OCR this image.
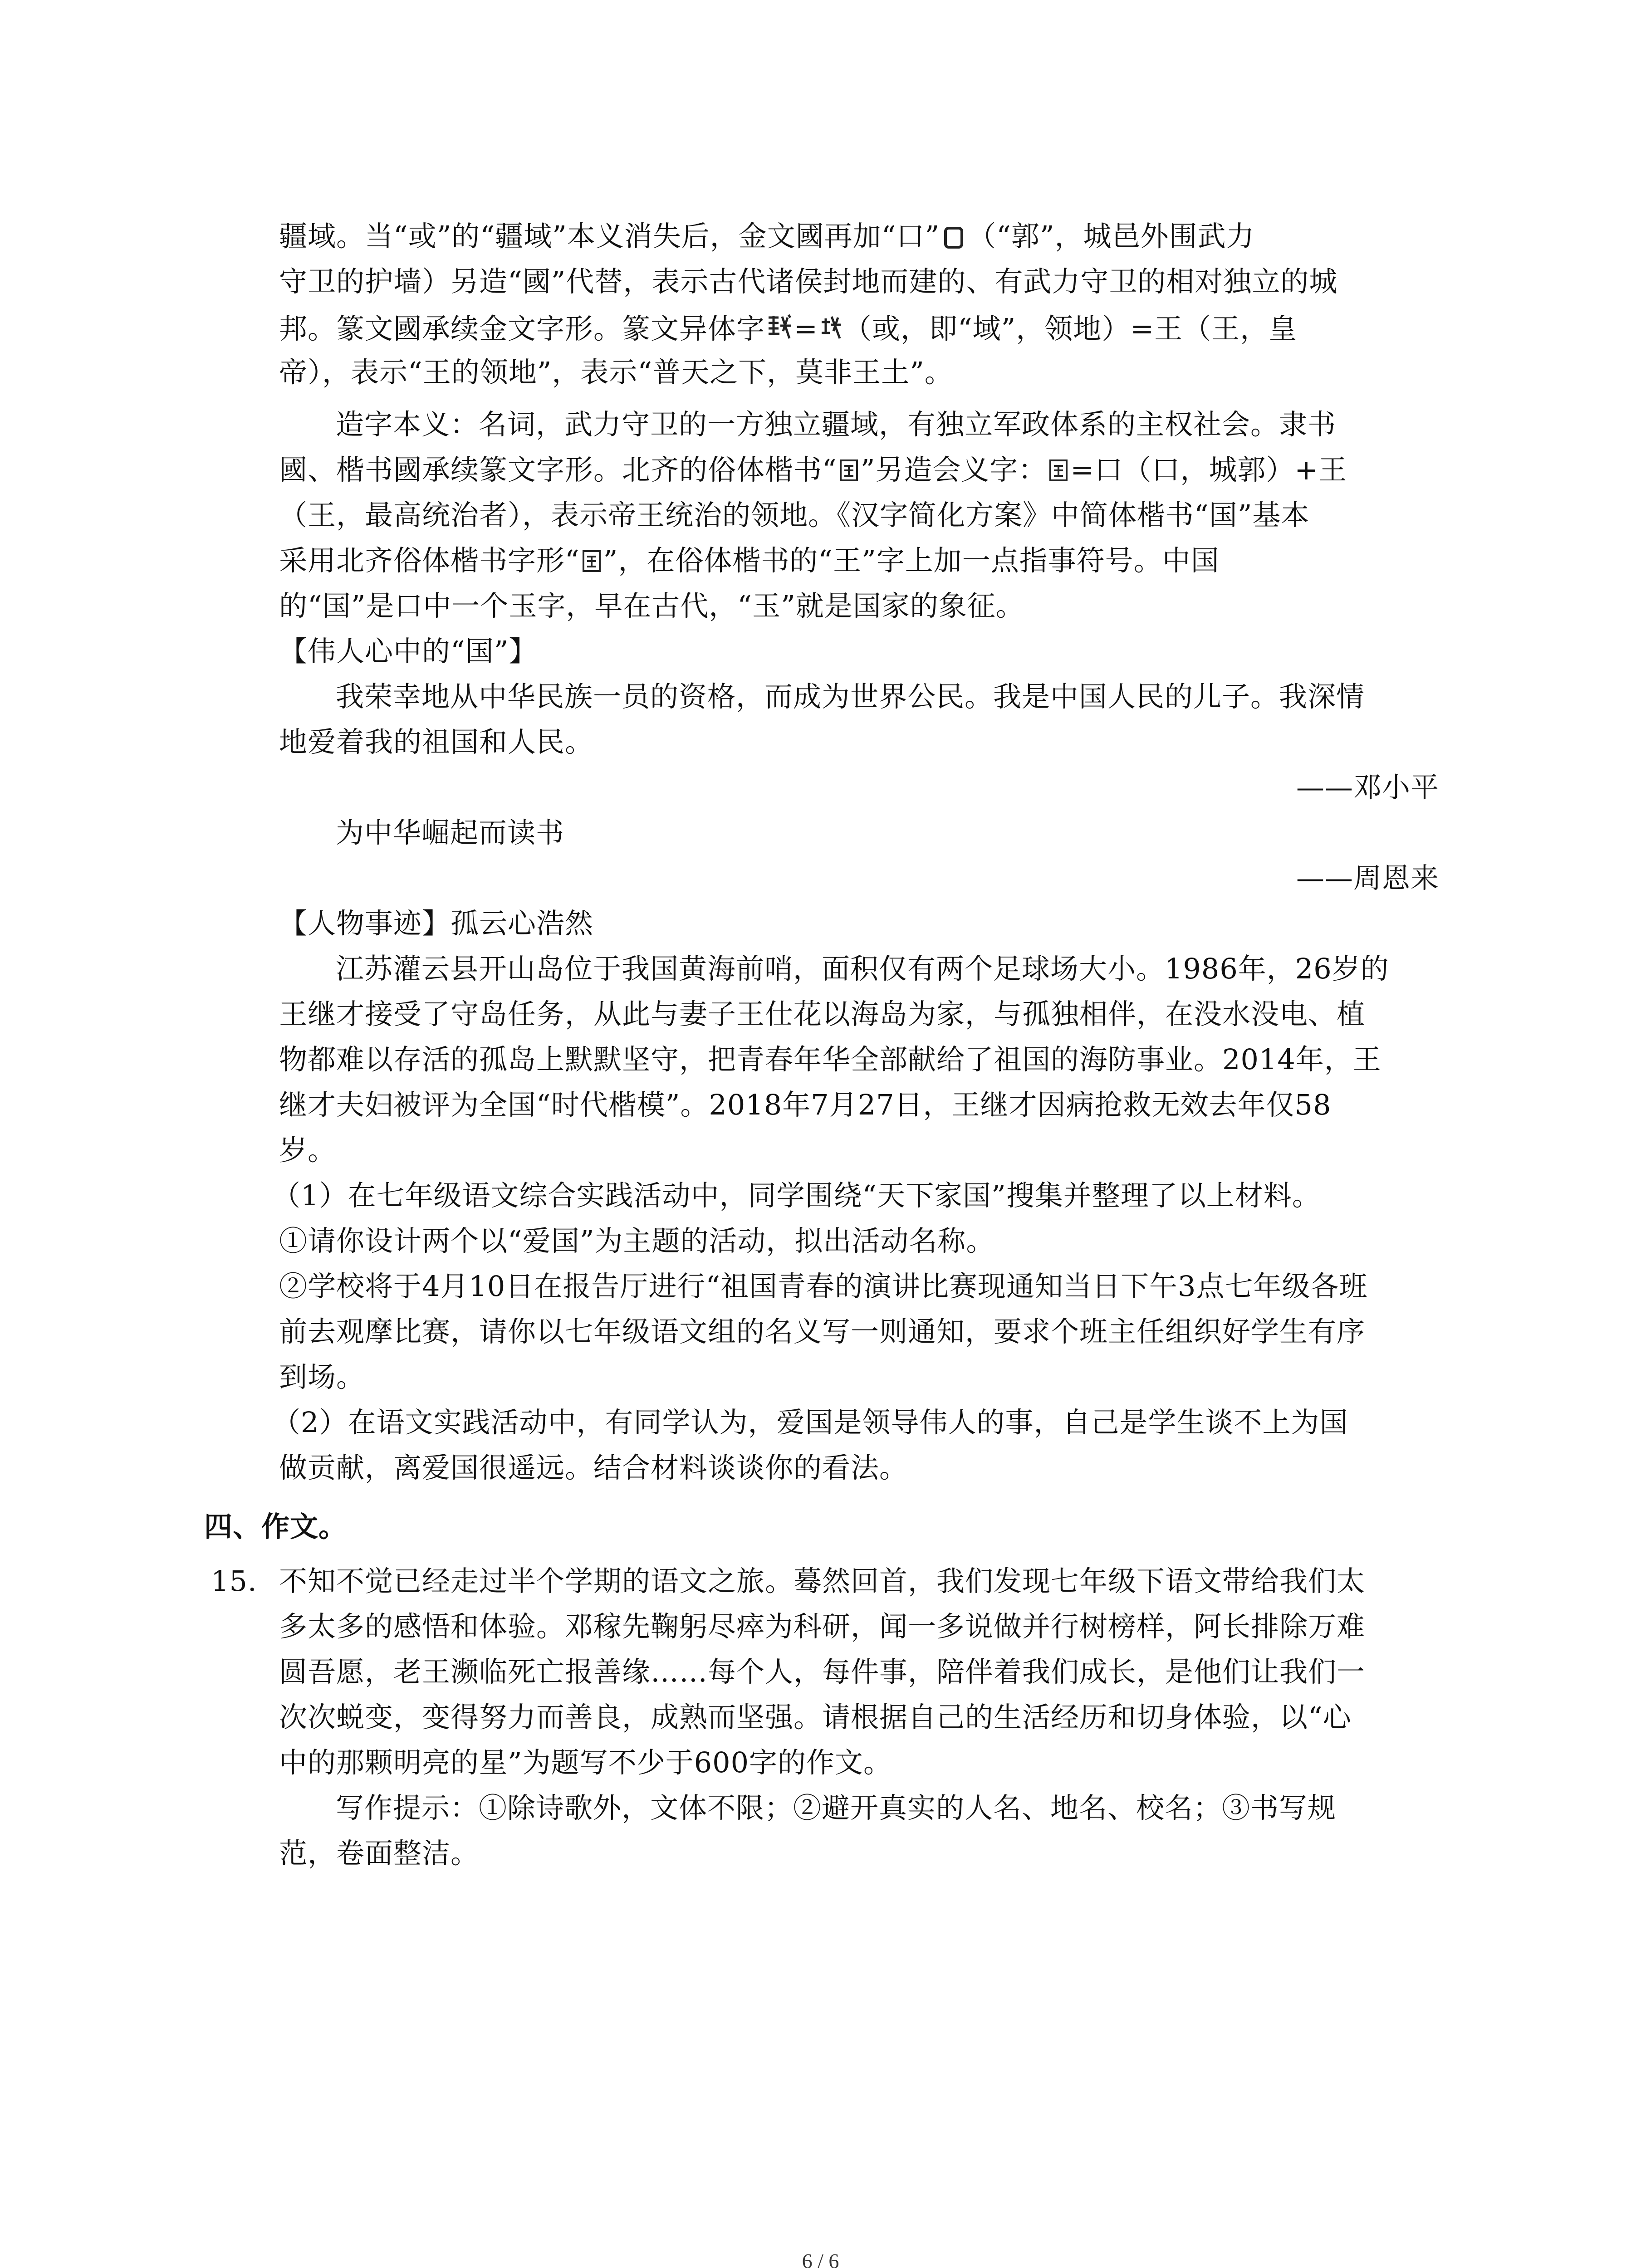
疆域。当“或”的“疆域”本义消失后，金文國再加“口” （“郭”，城邑外围武力
守卫的护墙）另造“國”代替，表示古代诸侯封地而建的、有武力守卫的相对独立的城
邦。篆文國承续金文字形。篆文异体字 = （或，即“域”，领地）=王（王，皇
帝），表示“王的领地”，表示“普天之下，莫非王土”。
造字本义：名词，武力守卫的一方独立疆域，有独立军政体系的主权社会。隶书
國、楷书國承续篆文字形。北齐的俗体楷书“ ”另造会义字： =口（口，城郭）+王
（王，最高统治者），表示帝王统治的领地。《汉字简化方案》中简体楷书“国”基本
采用北齐俗体楷书字形“ ”，在俗体楷书的“王”字上加一点指事符号。中国
的“国”是口中一个玉字，早在古代，“玉”就是国家的象征。
【伟人心中的“国”】
我荣幸地从中华民族一员的资格，而成为世界公民。我是中国人民的儿子。我深情
地爱着我的祖国和人民。
——邓小平
为中华崛起而读书
——周恩来
【人物事迹】孤云心浩然
江苏灌云县开山岛位于我国黄海前哨，面积仅有两个足球场大小。1986年，26岁的
王继才接受了守岛任务，从此与妻子王仕花以海岛为家，与孤独相伴，在没水没电、植
物都难以存活的孤岛上默默坚守，把青春年华全部献给了祖国的海防事业。2014年，王
继才夫妇被评为全国“时代楷模”。2018年7月27日，王继才因病抢救无效去年仅58
岁。
（1）在七年级语文综合实践活动中，同学围绕“天下家国”搜集并整理了以上材料。
①请你设计两个以“爱国”为主题的活动，拟出活动名称。
②学校将于4月10日在报告厅进行“祖国青春的演讲比赛现通知当日下午3点七年级各班
前去观摩比赛，请你以七年级语文组的名义写一则通知，要求个班主任组织好学生有序
到场。
（2）在语文实践活动中，有同学认为，爱国是领导伟人的事，自己是学生谈不上为国
做贡献，离爱国很遥远。结合材料谈谈你的看法。
四、作文。
15. 不知不觉已经走过半个学期的语文之旅。蓦然回首，我们发现七年级下语文带给我们太
多太多的感悟和体验。邓稼先鞠躬尽瘁为科研，闻一多说做并行树榜样，阿长排除万难
圆吾愿，老王濒临死亡报善缘……每个人，每件事，陪伴着我们成长，是他们让我们一
次次蜕变，变得努力而善良，成熟而坚强。请根据自己的生活经历和切身体验，以“心
中的那颗明亮的星”为题写不少于600字的作文。
写作提示：①除诗歌外，文体不限；②避开真实的人名、地名、校名；③书写规
范，卷面整洁。
6 / 6
